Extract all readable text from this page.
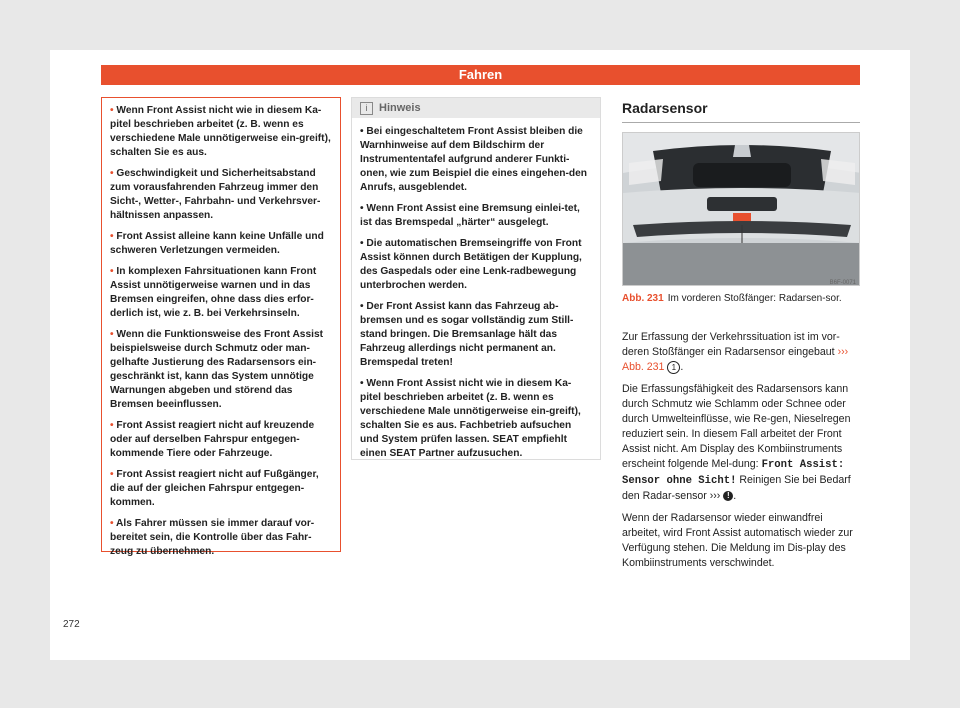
Fahren

• Wenn Front Assist nicht wie in diesem Ka-pitel beschrieben arbeitet (z. B. wenn es verschiedene Male unnötigerweise ein-greift), schalten Sie es aus.

• Geschwindigkeit und Sicherheitsabstand zum vorausfahrenden Fahrzeug immer den Sicht-, Wetter-, Fahrbahn- und Verkehrsver-hältnissen anpassen.

• Front Assist alleine kann keine Unfälle und schweren Verletzungen vermeiden.

• In komplexen Fahrsituationen kann Front Assist unnötigerweise warnen und in das Bremsen eingreifen, ohne dass dies erfor-derlich ist, wie z. B. bei Verkehrsinseln.

• Wenn die Funktionsweise des Front Assist beispielsweise durch Schmutz oder man-gelhafte Justierung des Radarsensors ein-geschränkt ist, kann das System unnötige Warnungen abgeben und störend das Bremsen beeinflussen.

• Front Assist reagiert nicht auf kreuzende oder auf derselben Fahrspur entgegen-kommende Tiere oder Fahrzeuge.

• Front Assist reagiert nicht auf Fußgänger, die auf der gleichen Fahrspur entgegen-kommen.

• Als Fahrer müssen sie immer darauf vor-bereitet sein, die Kontrolle über das Fahr-zeug zu übernehmen.

i	Hinweis

• Bei eingeschaltetem Front Assist bleiben die Warnhinweise auf dem Bildschirm der Instrumententafel aufgrund anderer Funkti-onen, wie zum Beispiel die eines eingehen-den Anrufs, ausgeblendet.

• Wenn Front Assist eine Bremsung einlei-tet, ist das Bremspedal „härter“ ausgelegt.

• Die automatischen Bremseingriffe von Front Assist können durch Betätigen der Kupplung, des Gaspedals oder eine Lenk-radbewegung unterbrochen werden.

• Der Front Assist kann das Fahrzeug ab-bremsen und es sogar vollständig zum Still-stand bringen. Die Bremsanlage hält das Fahrzeug allerdings nicht permanent an. Bremspedal treten!

• Wenn Front Assist nicht wie in diesem Ka-pitel beschrieben arbeitet (z. B. wenn es verschiedene Male unnötigerweise ein-greift), schalten Sie es aus. Fachbetrieb aufsuchen und System prüfen lassen. SEAT empfiehlt einen SEAT Partner aufzusuchen.

Radarsensor
B6F-0071
Abb. 231 Im vorderen Stoßfänger: Radarsen-sor.

Zur Erfassung der Verkehrssituation ist im vor-deren Stoßfänger ein Radarsensor eingebaut ››› Abb. 231 1 .

Die Erfassungsfähigkeit des Radarsensors kann durch Schmutz wie Schlamm oder Schnee oder durch Umwelteinflüsse, wie Re-gen, Nieselregen reduziert sein. In diesem Fall arbeitet der Front Assist nicht. Am Display des Kombiinstruments erscheint folgende Mel-dung: Front Assist: Sensor ohne Sicht! Reinigen Sie bei Bedarf den Radar-sensor ››› ! .

Wenn der Radarsensor wieder einwandfrei arbeitet, wird Front Assist automatisch wieder zur Verfügung stehen. Die Meldung im Dis-play des Kombiinstruments verschwindet.

272
